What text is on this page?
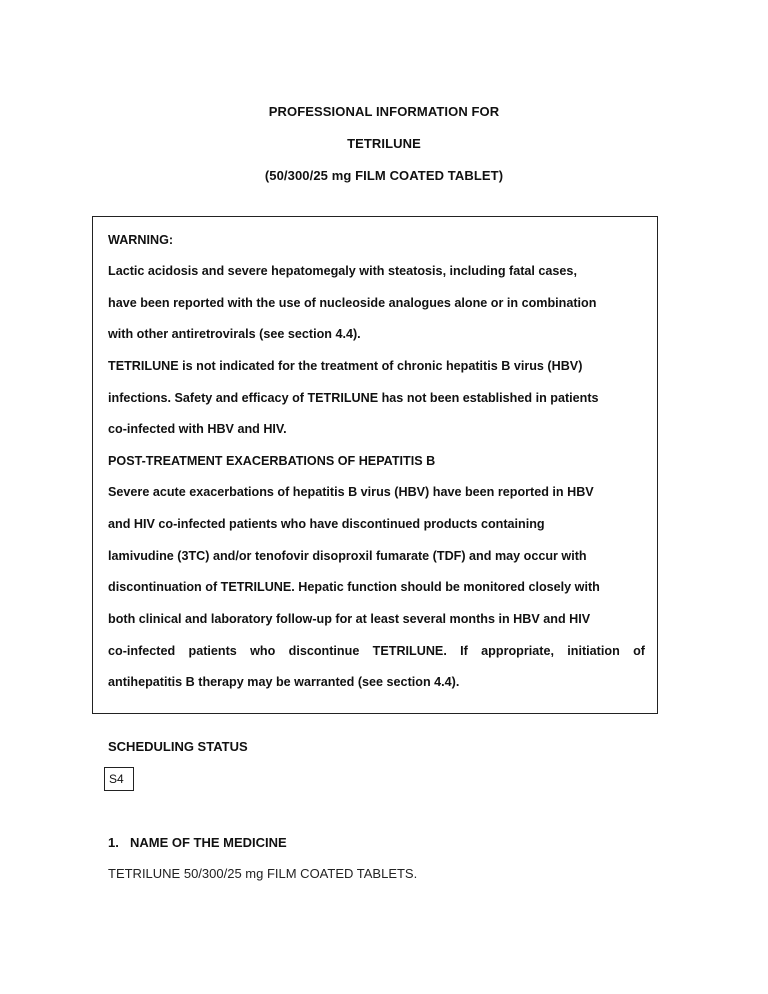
PROFESSIONAL INFORMATION FOR
TETRILUNE
(50/300/25 mg FILM COATED TABLET)
WARNING:
Lactic acidosis and severe hepatomegaly with steatosis, including fatal cases,
have been reported with the use of nucleoside analogues alone or in combination
with other antiretrovirals (see section 4.4).
TETRILUNE is not indicated for the treatment of chronic hepatitis B virus (HBV)
infections. Safety and efficacy of TETRILUNE has not been established in patients
co-infected with HBV and HIV.
POST-TREATMENT EXACERBATIONS OF HEPATITIS B
Severe acute exacerbations of hepatitis B virus (HBV) have been reported in HBV
and HIV co-infected patients who have discontinued products containing
lamivudine (3TC) and/or tenofovir disoproxil fumarate (TDF) and may occur with
discontinuation of TETRILUNE. Hepatic function should be monitored closely with
both clinical and laboratory follow-up for at least several months in HBV and HIV
co-infected patients who discontinue TETRILUNE. If appropriate, initiation of
antihepatitis B therapy may be warranted (see section 4.4).
SCHEDULING STATUS
S4
1. NAME OF THE MEDICINE
TETRILUNE 50/300/25 mg FILM COATED TABLETS.
